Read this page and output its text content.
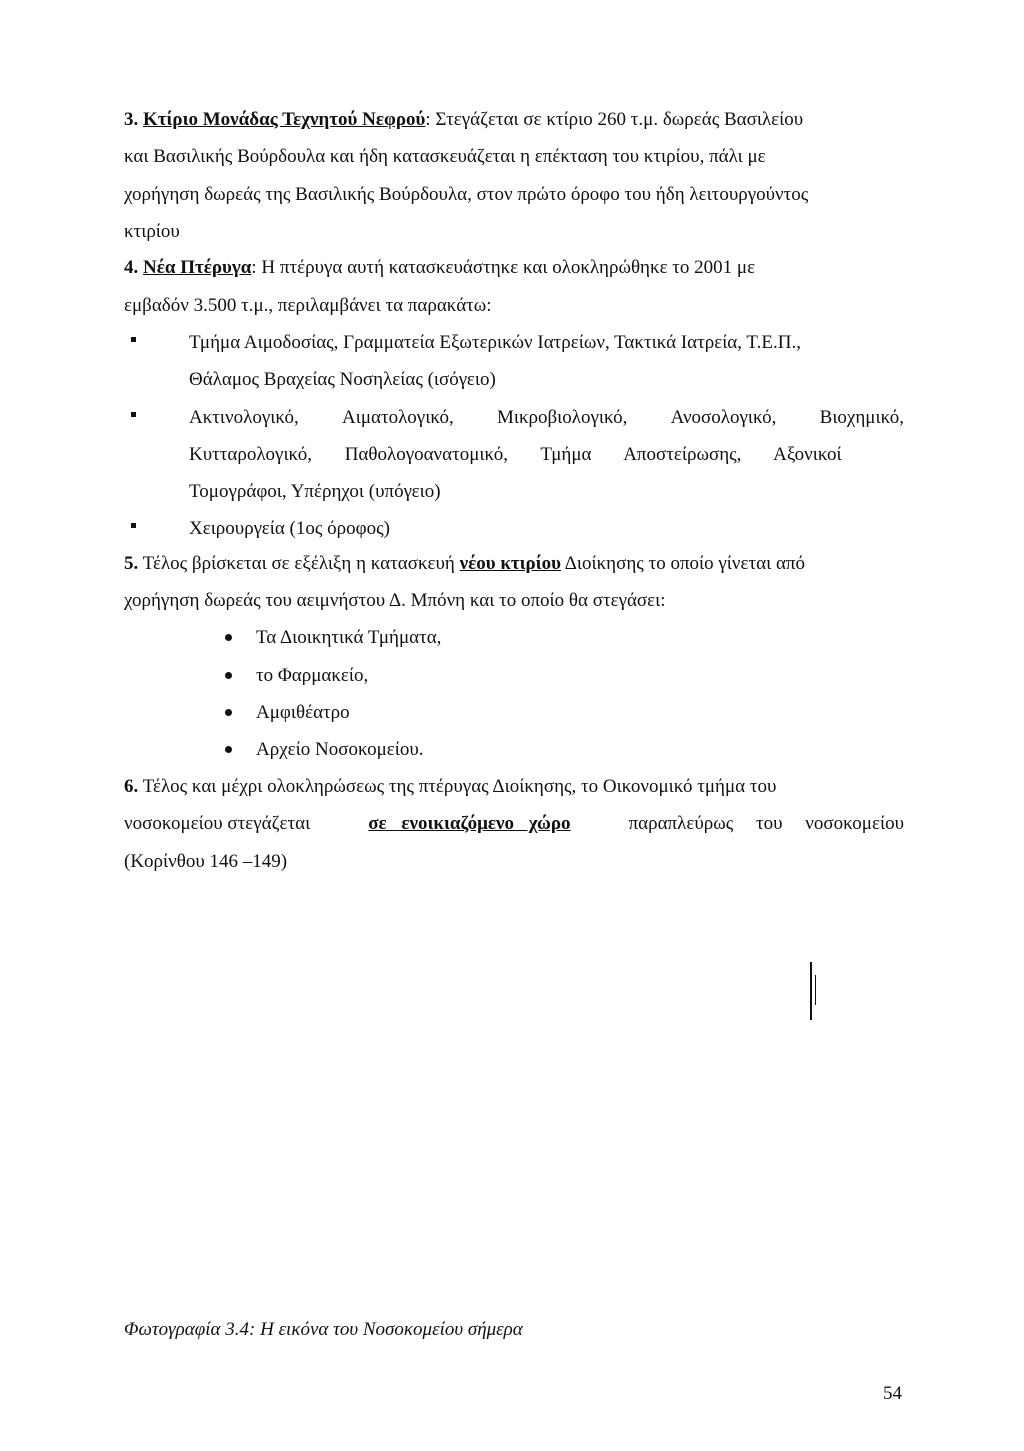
3. Κτίριο Μονάδας Τεχνητού Νεφρού: Στεγάζεται σε κτίριο 260 τ.μ. δωρεάς Βασιλείου
και Βασιλικής Βούρδουλα και ήδη κατασκευάζεται η επέκταση του κτιρίου, πάλι με
χορήγηση δωρεάς της Βασιλικής Βούρδουλα, στον πρώτο όροφο του ήδη λειτουργούντος
κτιρίου
4. Νέα Πτέρυγα: Η πτέρυγα αυτή κατασκευάστηκε και ολοκληρώθηκε το 2001 με
εμβαδόν 3.500 τ.μ., περιλαμβάνει τα παρακάτω:
Τμήμα Αιμοδοσίας, Γραμματεία Εξωτερικών Ιατρείων, Τακτικά Ιατρεία, Τ.Ε.Π.,
Θάλαμος Βραχείας Νοσηλείας (ισόγειο)
Ακτινολογικό, Αιματολογικό, Μικροβιολογικό, Ανοσολογικό, Βιοχημικό,
Κυτταρολογικό, Παθολογοανατομικό, Τμήμα Αποστείρωσης, Αξονικοί
Τομογράφοι, Υπέρηχοι (υπόγειο)
Χειρουργεία (1ος όροφος)
5. Τέλος βρίσκεται σε εξέλιξη η κατασκευή νέου κτιρίου Διοίκησης το οποίο γίνεται από
χορήγηση δωρεάς του αειμνήστου Δ. Μπόνη και το οποίο θα στεγάσει:
Τα Διοικητικά Τμήματα,
το Φαρμακείο,
Αμφιθέατρο
Αρχείο Νοσοκομείου.
6. Τέλος και μέχρι ολοκληρώσεως της πτέρυγας Διοίκησης, το Οικονομικό τμήμα του
νοσοκομείου στεγάζεται	σε ενοικιαζόμενο χώρο	παραπλεύρως του νοσοκομείου
(Κορίνθου 146 –149)
Φωτογραφία 3.4: Η εικόνα του Νοσοκομείου σήμερα
54
